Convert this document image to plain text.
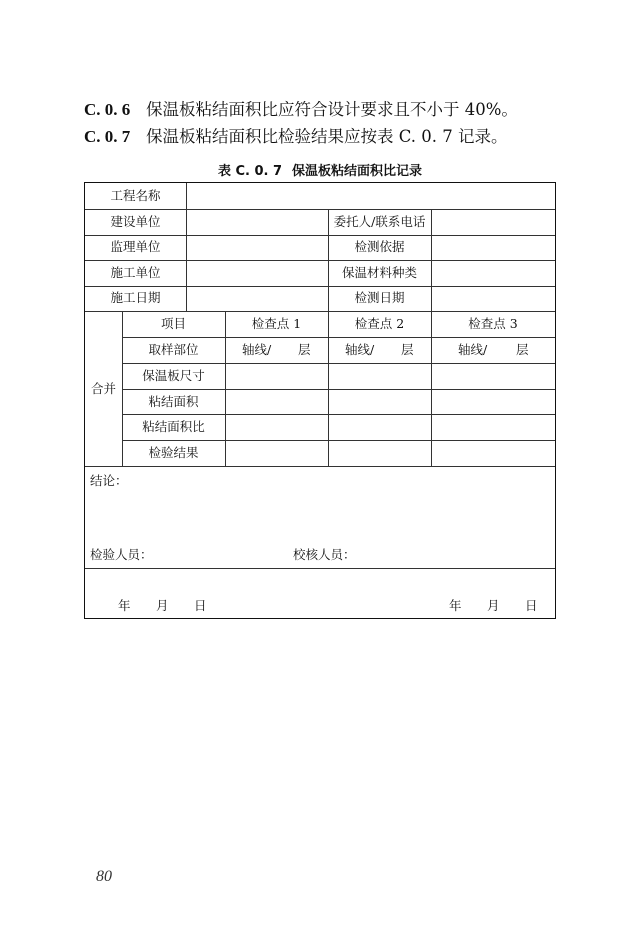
C. 0. 6 保温板粘结面积比应符合设计要求且不小于 40%。
C. 0. 7 保温板粘结面积比检验结果应按表 C. 0. 7 记录。
表 C. 0. 7 保温板粘结面积比记录
工程名称
建设单位	委托人/联系电话
监理单位	检测依据
施工单位	保温材料种类
施工日期	检测日期
合并
项目	检查点 1	检查点 2	检查点 3
取样部位	轴线/ 层	轴线/ 层	轴线/ 层
保温板尺寸
粘结面积
粘结面积比
检验结果
结论：
检验人员：	校核人员：
年 月 日	年 月 日
80
